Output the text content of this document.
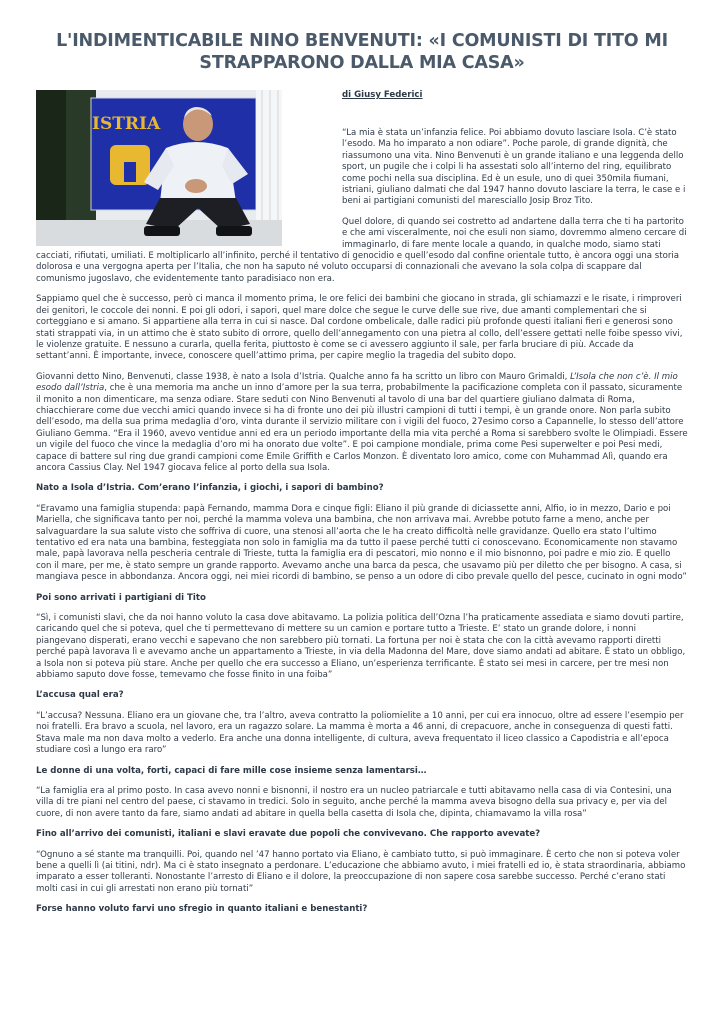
L'INDIMENTICABILE NINO BENVENUTI: «I COMUNISTI DI TITO MI STRAPPARONO DALLA MIA CASA»
ISTRIA
di Giusy Federici

“La mia è stata un’infanzia felice. Poi abbiamo dovuto lasciare Isola. C’è stato l’esodo. Ma ho imparato a non odiare”. Poche parole, di grande dignità, che riassumono una vita. Nino Benvenuti è un grande italiano e una leggenda dello sport, un pugile che i colpi li ha assestati solo all’interno del ring, equilibrato come pochi nella sua disciplina. Ed è un esule, uno di quei 350mila fiumani, istriani, giuliano dalmati che dal 1947 hanno dovuto lasciare la terra, le case e i beni ai partigiani comunisti del maresciallo Josip Broz Tito.

Quel dolore, di quando sei costretto ad andartene dalla terra che ti ha partorito e che ami visceralmente, noi che esuli non siamo, dovremmo almeno cercare di immaginarlo, di fare mente locale a quando, in qualche modo, siamo stati cacciati, rifiutati, umiliati. E moltiplicarlo all’infinito, perché il tentativo di genocidio e quell’esodo dal confine orientale tutto, è ancora oggi una storia dolorosa e una vergogna aperta per l’Italia, che non ha saputo né voluto occuparsi di connazionali che avevano la sola colpa di scappare dal comunismo jugoslavo, che evidentemente tanto paradisiaco non era.

Sappiamo quel che è successo, però ci manca il momento prima, le ore felici dei bambini che giocano in strada, gli schiamazzi e le risate, i rimproveri dei genitori, le coccole dei nonni. E poi gli odori, i sapori, quel mare dolce che segue le curve delle sue rive, due amanti complementari che si corteggiano e si amano. Si appartiene alla terra in cui si nasce. Dal cordone ombelicale, dalle radici più profonde questi italiani fieri e generosi sono stati strappati via, in un attimo che è stato subito di orrore, quello dell’annegamento con una pietra al collo, dell’essere gettati nelle foibe spesso vivi, le violenze gratuite. E nessuno a curarla, quella ferita, piuttosto è come se ci avessero aggiunto il sale, per farla bruciare di più. Accade da settant’anni. È importante, invece, conoscere quell’attimo prima, per capire meglio la tragedia del subito dopo.

Giovanni detto Nino, Benvenuti, classe 1938, è nato a Isola d’Istria. Qualche anno fa ha scritto un libro con Mauro Grimaldi, L’Isola che non c’è. Il mio esodo dall’Istria, che è una memoria ma anche un inno d’amore per la sua terra, probabilmente la pacificazione completa con il passato, sicuramente il monito a non dimenticare, ma senza odiare. Stare seduti con Nino Benvenuti al tavolo di una bar del quartiere giuliano dalmata di Roma, chiacchierare come due vecchi amici quando invece si ha di fronte uno dei più illustri campioni di tutti i tempi, è un grande onore. Non parla subito dell’esodo, ma della sua prima medaglia d’oro, vinta durante il servizio militare con i vigili del fuoco, 27esimo corso a Capannelle, lo stesso dell’attore Giuliano Gemma. “Era il 1960, avevo ventidue anni ed era un periodo importante della mia vita perché a Roma si sarebbero svolte le Olimpiadi. Essere un vigile del fuoco che vince la medaglia d’oro mi ha onorato due volte”. E poi campione mondiale, prima come Pesi superwelter e poi Pesi medi, capace di battere sul ring due grandi campioni come Emile Griffith e Carlos Monzon. È diventato loro amico, come con Muhammad Alì, quando era ancora Cassius Clay. Nel 1947 giocava felice al porto della sua Isola.

Nato a Isola d’Istria. Com’erano l’infanzia, i giochi, i sapori di bambino?

“Eravamo una famiglia stupenda: papà Fernando, mamma Dora e cinque figli: Eliano il più grande di diciassette anni, Alfio, io in mezzo, Dario e poi Mariella, che significava tanto per noi, perché la mamma voleva una bambina, che non arrivava mai. Avrebbe potuto farne a meno, anche per salvaguardare la sua salute visto che soffriva di cuore, una stenosi all’aorta che le ha creato difficoltà nelle gravidanze. Quello era stato l’ultimo tentativo ed era nata una bambina, festeggiata non solo in famiglia ma da tutto il paese perché tutti ci conoscevano. Economicamente non stavamo male, papà lavorava nella pescheria centrale di Trieste, tutta la famiglia era di pescatori, mio nonno e il mio bisnonno, poi padre e mio zio. E quello con il mare, per me, è stato sempre un grande rapporto. Avevamo anche una barca da pesca, che usavamo più per diletto che per bisogno. A casa, si mangiava pesce in abbondanza. Ancora oggi, nei miei ricordi di bambino, se penso a un odore di cibo prevale quello del pesce, cucinato in ogni modo”

Poi sono arrivati i partigiani di Tito

“Sì, i comunisti slavi, che da noi hanno voluto la casa dove abitavamo. La polizia politica dell’Ozna l’ha praticamente assediata e siamo dovuti partire, caricando quel che si poteva, quel che ti permettevano di mettere su un camion e portare tutto a Trieste. E’ stato un grande dolore, i nonni piangevano disperati, erano vecchi e sapevano che non sarebbero più tornati. La fortuna per noi è stata che con la città avevamo rapporti diretti perché papà lavorava lì e avevamo anche un appartamento a Trieste, in via della Madonna del Mare, dove siamo andati ad abitare. È stato un obbligo, a Isola non si poteva più stare. Anche per quello che era successo a Eliano, un’esperienza terrificante. È stato sei mesi in carcere, per tre mesi non abbiamo saputo dove fosse, temevamo che fosse finito in una foiba”

L’accusa qual era?

“L’accusa? Nessuna. Eliano era un giovane che, tra l’altro, aveva contratto la poliomielite a 10 anni, per cui era innocuo, oltre ad essere l’esempio per noi fratelli. Era bravo a scuola, nel lavoro, era un ragazzo solare. La mamma è morta a 46 anni, di crepacuore, anche in conseguenza di questi fatti. Stava male ma non dava molto a vederlo. Era anche una donna intelligente, di cultura, aveva frequentato il liceo classico a Capodistria e all’epoca studiare così a lungo era raro”

Le donne di una volta, forti, capaci di fare mille cose insieme senza lamentarsi…

“La famiglia era al primo posto. In casa avevo nonni e bisnonni, il nostro era un nucleo patriarcale e tutti abitavamo nella casa di via Contesini, una villa di tre piani nel centro del paese, ci stavamo in tredici. Solo in seguito, anche perché la mamma aveva bisogno della sua privacy e, per via del cuore, di non avere tanto da fare, siamo andati ad abitare in quella bella casetta di Isola che, dipinta, chiamavamo la villa rosa”

Fino all’arrivo dei comunisti, italiani e slavi eravate due popoli che convivevano. Che rapporto avevate?

“Ognuno a sé stante ma tranquilli. Poi, quando nel ’47 hanno portato via Eliano, è cambiato tutto, si può immaginare. È certo che non si poteva voler bene a quelli lì (ai titini, ndr). Ma ci è stato insegnato a perdonare. L’educazione che abbiamo avuto, i miei fratelli ed io, è stata straordinaria, abbiamo imparato a esser tolleranti. Nonostante l’arresto di Eliano e il dolore, la preoccupazione di non sapere cosa sarebbe successo. Perché c’erano stati molti casi in cui gli arrestati non erano più tornati”

Forse hanno voluto farvi uno sfregio in quanto italiani e benestanti?
